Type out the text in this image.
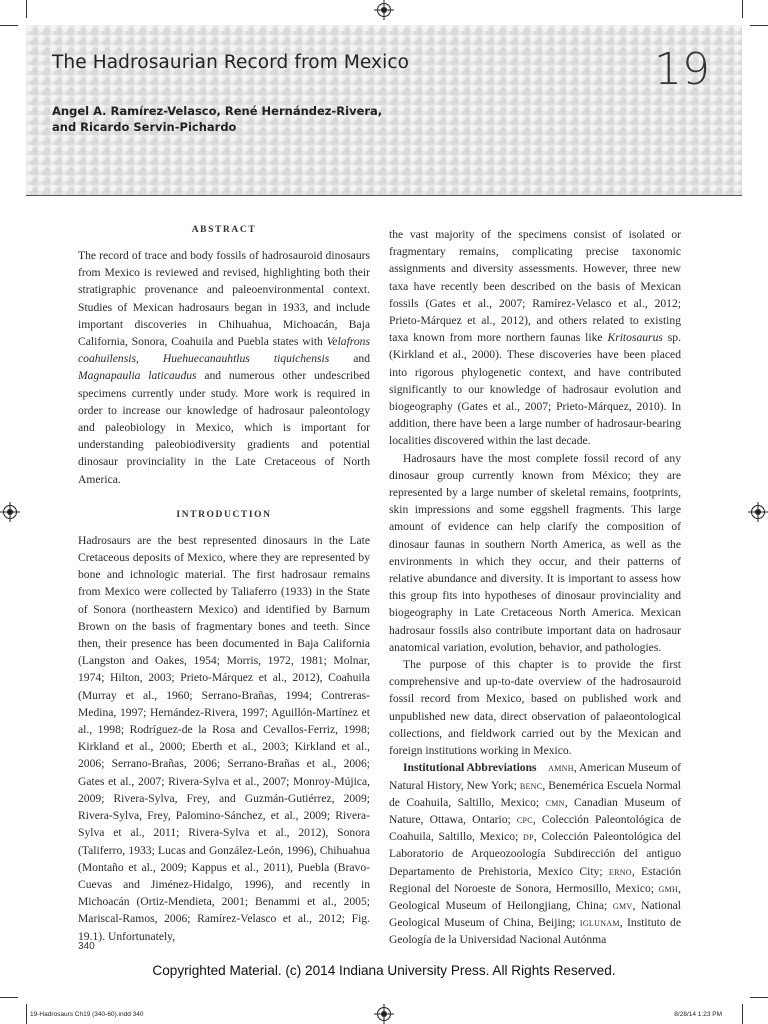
The Hadrosaurian Record from Mexico	19
Angel A. Ramírez-Velasco, René Hernández-Rivera,
and Ricardo Servin-Pichardo
ABSTRACT

The record of trace and body fossils of hadrosauroid dinosaurs from Mexico is reviewed and revised, highlighting both their stratigraphic provenance and paleoenvironmental context. Studies of Mexican hadrosaurs began in 1933, and include important discoveries in Chihuahua, Michoacán, Baja California, Sonora, Coahuila and Puebla states with Velafrons coahuilensis, Huehuecanauhtlus tiquichensis and Magnapaulia laticaudus and numerous other undescribed specimens currently under study. More work is required in order to increase our knowledge of hadrosaur paleontology and paleobiology in Mexico, which is important for understanding paleobiodiversity gradients and potential dinosaur provinciality in the Late Cretaceous of North America.

INTRODUCTION

Hadrosaurs are the best represented dinosaurs in the Late Cretaceous deposits of Mexico, where they are represented by bone and ichnologic material. The first hadrosaur remains from Mexico were collected by Taliaferro (1933) in the State of Sonora (northeastern Mexico) and identified by Barnum Brown on the basis of fragmentary bones and teeth. Since then, their presence has been documented in Baja California (Langston and Oakes, 1954; Morris, 1972, 1981; Molnar, 1974; Hilton, 2003; Prieto-Márquez et al., 2012), Coahuila (Murray et al., 1960; Serrano-Brañas, 1994; Contreras-Medina, 1997; Hernández-Rivera, 1997; Aguillón-Martínez et al., 1998; Rodríguez-de la Rosa and Cevallos-Ferriz, 1998; Kirkland et al., 2000; Eberth et al., 2003; Kirkland et al., 2006; Serrano-Brañas, 2006; Serrano-Brañas et al., 2006; Gates et al., 2007; Rivera-Sylva et al., 2007; Monroy-Mújica, 2009; Rivera-Sylva, Frey, and Guzmán-Gutiérrez, 2009; Rivera-Sylva, Frey, Palomino-Sánchez, et al., 2009; Rivera-Sylva et al., 2011; Rivera-Sylva et al., 2012), Sonora (Taliferro, 1933; Lucas and González-León, 1996), Chihuahua (Montaño et al., 2009; Kappus et al., 2011), Puebla (Bravo-Cuevas and Jiménez-Hidalgo, 1996), and recently in Michoacán (Ortiz-Mendieta, 2001; Benammi et al., 2005; Mariscal-Ramos, 2006; Ramírez-Velasco et al., 2012; Fig. 19.1). Unfortunately,

the vast majority of the specimens consist of isolated or fragmentary remains, complicating precise taxonomic assignments and diversity assessments. However, three new taxa have recently been described on the basis of Mexican fossils (Gates et al., 2007; Ramírez-Velasco et al., 2012; Prieto-Márquez et al., 2012), and others related to existing taxa known from more northern faunas like Kritosaurus sp. (Kirkland et al., 2000). These discoveries have been placed into rigorous phylogenetic context, and have contributed significantly to our knowledge of hadrosaur evolution and biogeography (Gates et al., 2007; Prieto-Márquez, 2010). In addition, there have been a large number of hadrosaur-bearing localities discovered within the last decade.

Hadrosaurs have the most complete fossil record of any dinosaur group currently known from México; they are represented by a large number of skeletal remains, footprints, skin impressions and some eggshell fragments. This large amount of evidence can help clarify the composition of dinosaur faunas in southern North America, as well as the environments in which they occur, and their patterns of relative abundance and diversity. It is important to assess how this group fits into hypotheses of dinosaur provinciality and biogeography in Late Cretaceous North America. Mexican hadrosaur fossils also contribute important data on hadrosaur anatomical variation, evolution, behavior, and pathologies.

The purpose of this chapter is to provide the first comprehensive and up-to-date overview of the hadrosauroid fossil record from Mexico, based on published work and unpublished new data, direct observation of palaeontological collections, and fieldwork carried out by the Mexican and foreign institutions working in Mexico.

Institutional Abbreviations  amnh, American Museum of Natural History, New York; benc, Benemérica Escuela Normal de Coahuila, Saltillo, Mexico; cmn, Canadian Museum of Nature, Ottawa, Ontario; cpc, Colección Paleontológica de Coahuila, Saltillo, Mexico; dp, Colección Paleontológica del Laboratorio de Arqueozoología Subdirección del antiguo Departamento de Prehistoria, Mexico City; erno, Estación Regional del Noroeste de Sonora, Hermosillo, Mexico; gmh, Geological Museum of Heilongjiang, China; gmv, National Geological Museum of China, Beijing; iglunam, Instituto de Geología de la Universidad Nacional Autónma

340
Copyrighted Material. (c) 2014 Indiana University Press. All Rights Reserved.
19-Hadrosaurs Ch19 (340-60).indd 340	8/28/14 1:23 PM
